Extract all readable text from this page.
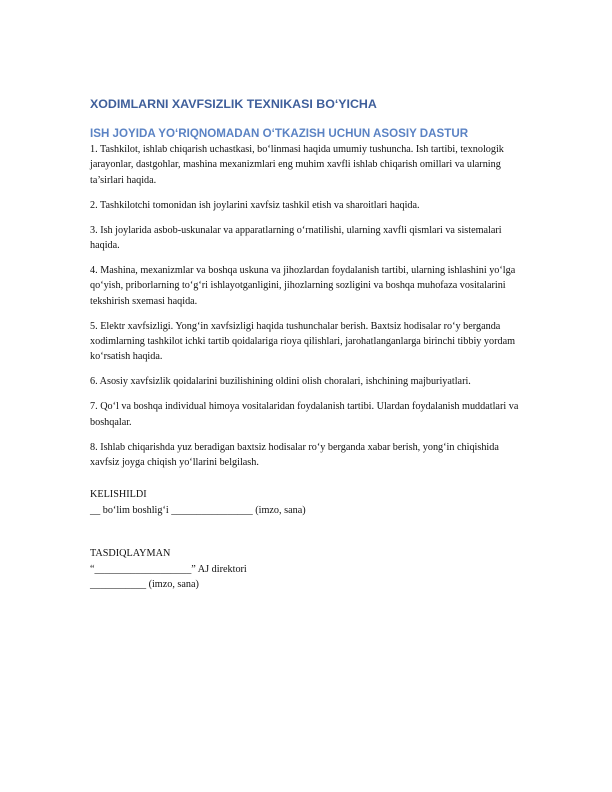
XODIMLARNI XAVFSIZLIK TEXNIKASI BO‘YICHA
ISH JOYIDA YO‘RIQNOMADAN O‘TKAZISH UCHUN ASOSIY DASTUR

1. Tashkilot, ishlab chiqarish uchastkasi, bo‘linmasi haqida umumiy tushuncha. Ish tartibi, texnologik jarayonlar, dastgohlar, mashina mexanizmlari eng muhim xavfli ishlab chiqarish omillari va ularning ta’sirlari haqida.

2. Tashkilotchi tomonidan ish joylarini xavfsiz tashkil etish va sharoitlari haqida.

3. Ish joylarida asbob-uskunalar va apparatlarning o‘rnatilishi, ularning xavfli qismlari va sistemalari haqida.

4. Mashina, mexanizmlar va boshqa uskuna va jihozlardan foydalanish tartibi, ularning ishlashini yo‘lga qo‘yish, priborlarning to‘g‘ri ishlayotganligini, jihozlarning sozligini va boshqa muhofaza vositalarini tekshirish sxemasi haqida.

5. Elektr xavfsizligi. Yong‘in xavfsizligi haqida tushunchalar berish. Baxtsiz hodisalar ro‘y berganda xodimlarning tashkilot ichki tartib qoidalariga rioya qilishlari, jarohatlanganlarga birinchi tibbiy yordam ko‘rsatish haqida.

6. Asosiy xavfsizlik qoidalarini buzilishining oldini olish choralari, ishchining majburiyatlari.

7. Qo‘l va boshqa individual himoya vositalaridan foydalanish tartibi. Ulardan foydalanish muddatlari va boshqalar.

8. Ishlab chiqarishda yuz beradigan baxtsiz hodisalar ro‘y berganda xabar berish, yong‘in chiqishida xavfsiz joyga chiqish yo‘llarini belgilash.

KELISHILDI
__ bo‘lim boshlig‘i ________________ (imzo, sana)
TASDIQLAYMAN
“___________________” AJ direktori
___________ (imzo, sana)
